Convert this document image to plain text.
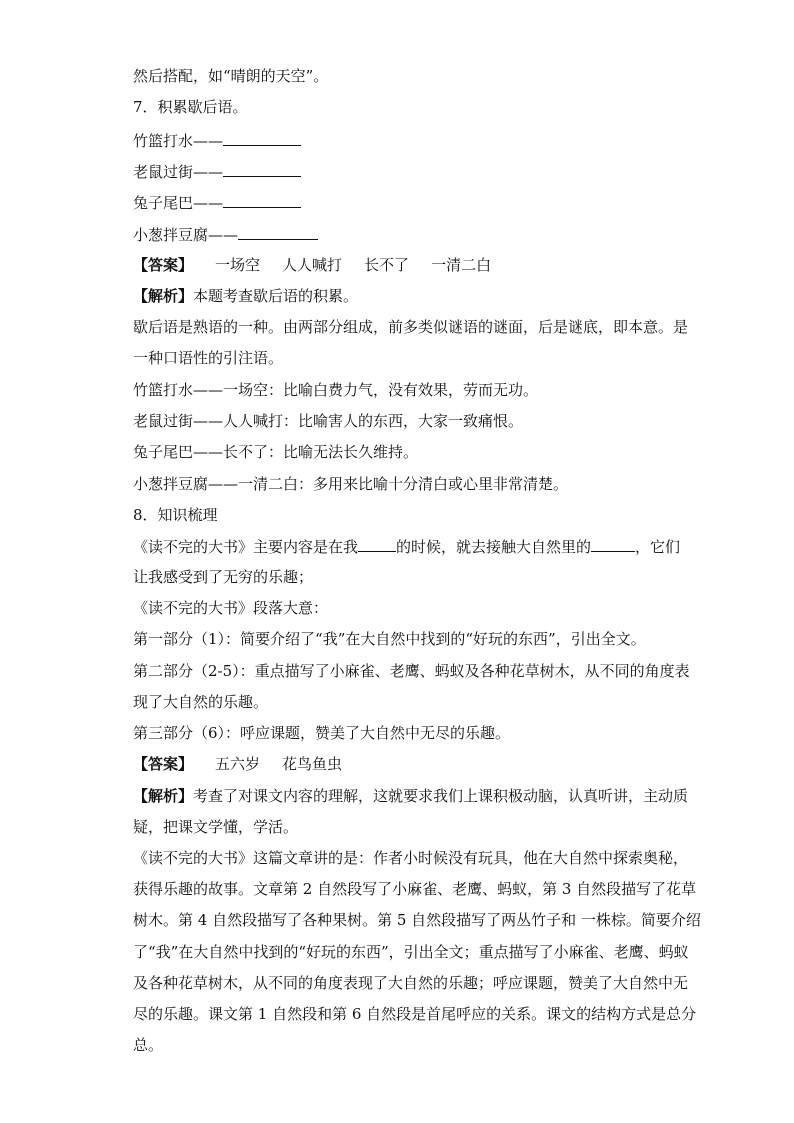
然后搭配，如“晴朗的天空”。
7．积累歇后语。
竹篮打水——
老鼠过街——
兔子尾巴——
小葱拌豆腐——
【答案】 一场空 人人喊打 长不了 一清二白
【解析】本题考查歇后语的积累。
歇后语是熟语的一种。由两部分组成，前多类似谜语的谜面，后是谜底，即本意。是
一种口语性的引注语。
竹篮打水——一场空：比喻白费力气，没有效果，劳而无功。
老鼠过街——人人喊打：比喻害人的东西，大家一致痛恨。
兔子尾巴——长不了：比喻无法长久维持。
小葱拌豆腐——一清二白：多用来比喻十分清白或心里非常清楚。
8．知识梳理
《读不完的大书》主要内容是在我	的时候，就去接触大自然里的	，它们
让我感受到了无穷的乐趣；
《读不完的大书》段落大意：
第一部分（1）：简要介绍了“我”在大自然中找到的“好玩的东西”，引出全文。
第二部分（2-5）：重点描写了小麻雀、老鹰、蚂蚁及各种花草树木，从不同的角度表
现了大自然的乐趣。
第三部分（6）：呼应课题，赞美了大自然中无尽的乐趣。
【答案】 五六岁 花鸟鱼虫
【解析】考查了对课文内容的理解，这就要求我们上课积极动脑，认真听讲，主动质
疑，把课文学懂，学活。
《读不完的大书》这篇文章讲的是：作者小时候没有玩具，他在大自然中探索奥秘，
获得乐趣的故事。文章第 2 自然段写了小麻雀、老鹰、蚂蚁，第 3 自然段描写了花草
树木。第 4 自然段描写了各种果树。第 5 自然段描写了两丛竹子和 一株棕。简要介绍
了“我”在大自然中找到的“好玩的东西”，引出全文；重点描写了小麻雀、老鹰、蚂蚁
及各种花草树木，从不同的角度表现了大自然的乐趣；呼应课题，赞美了大自然中无
尽的乐趣。课文第 1 自然段和第 6 自然段是首尾呼应的关系。课文的结构方式是总分
总。
